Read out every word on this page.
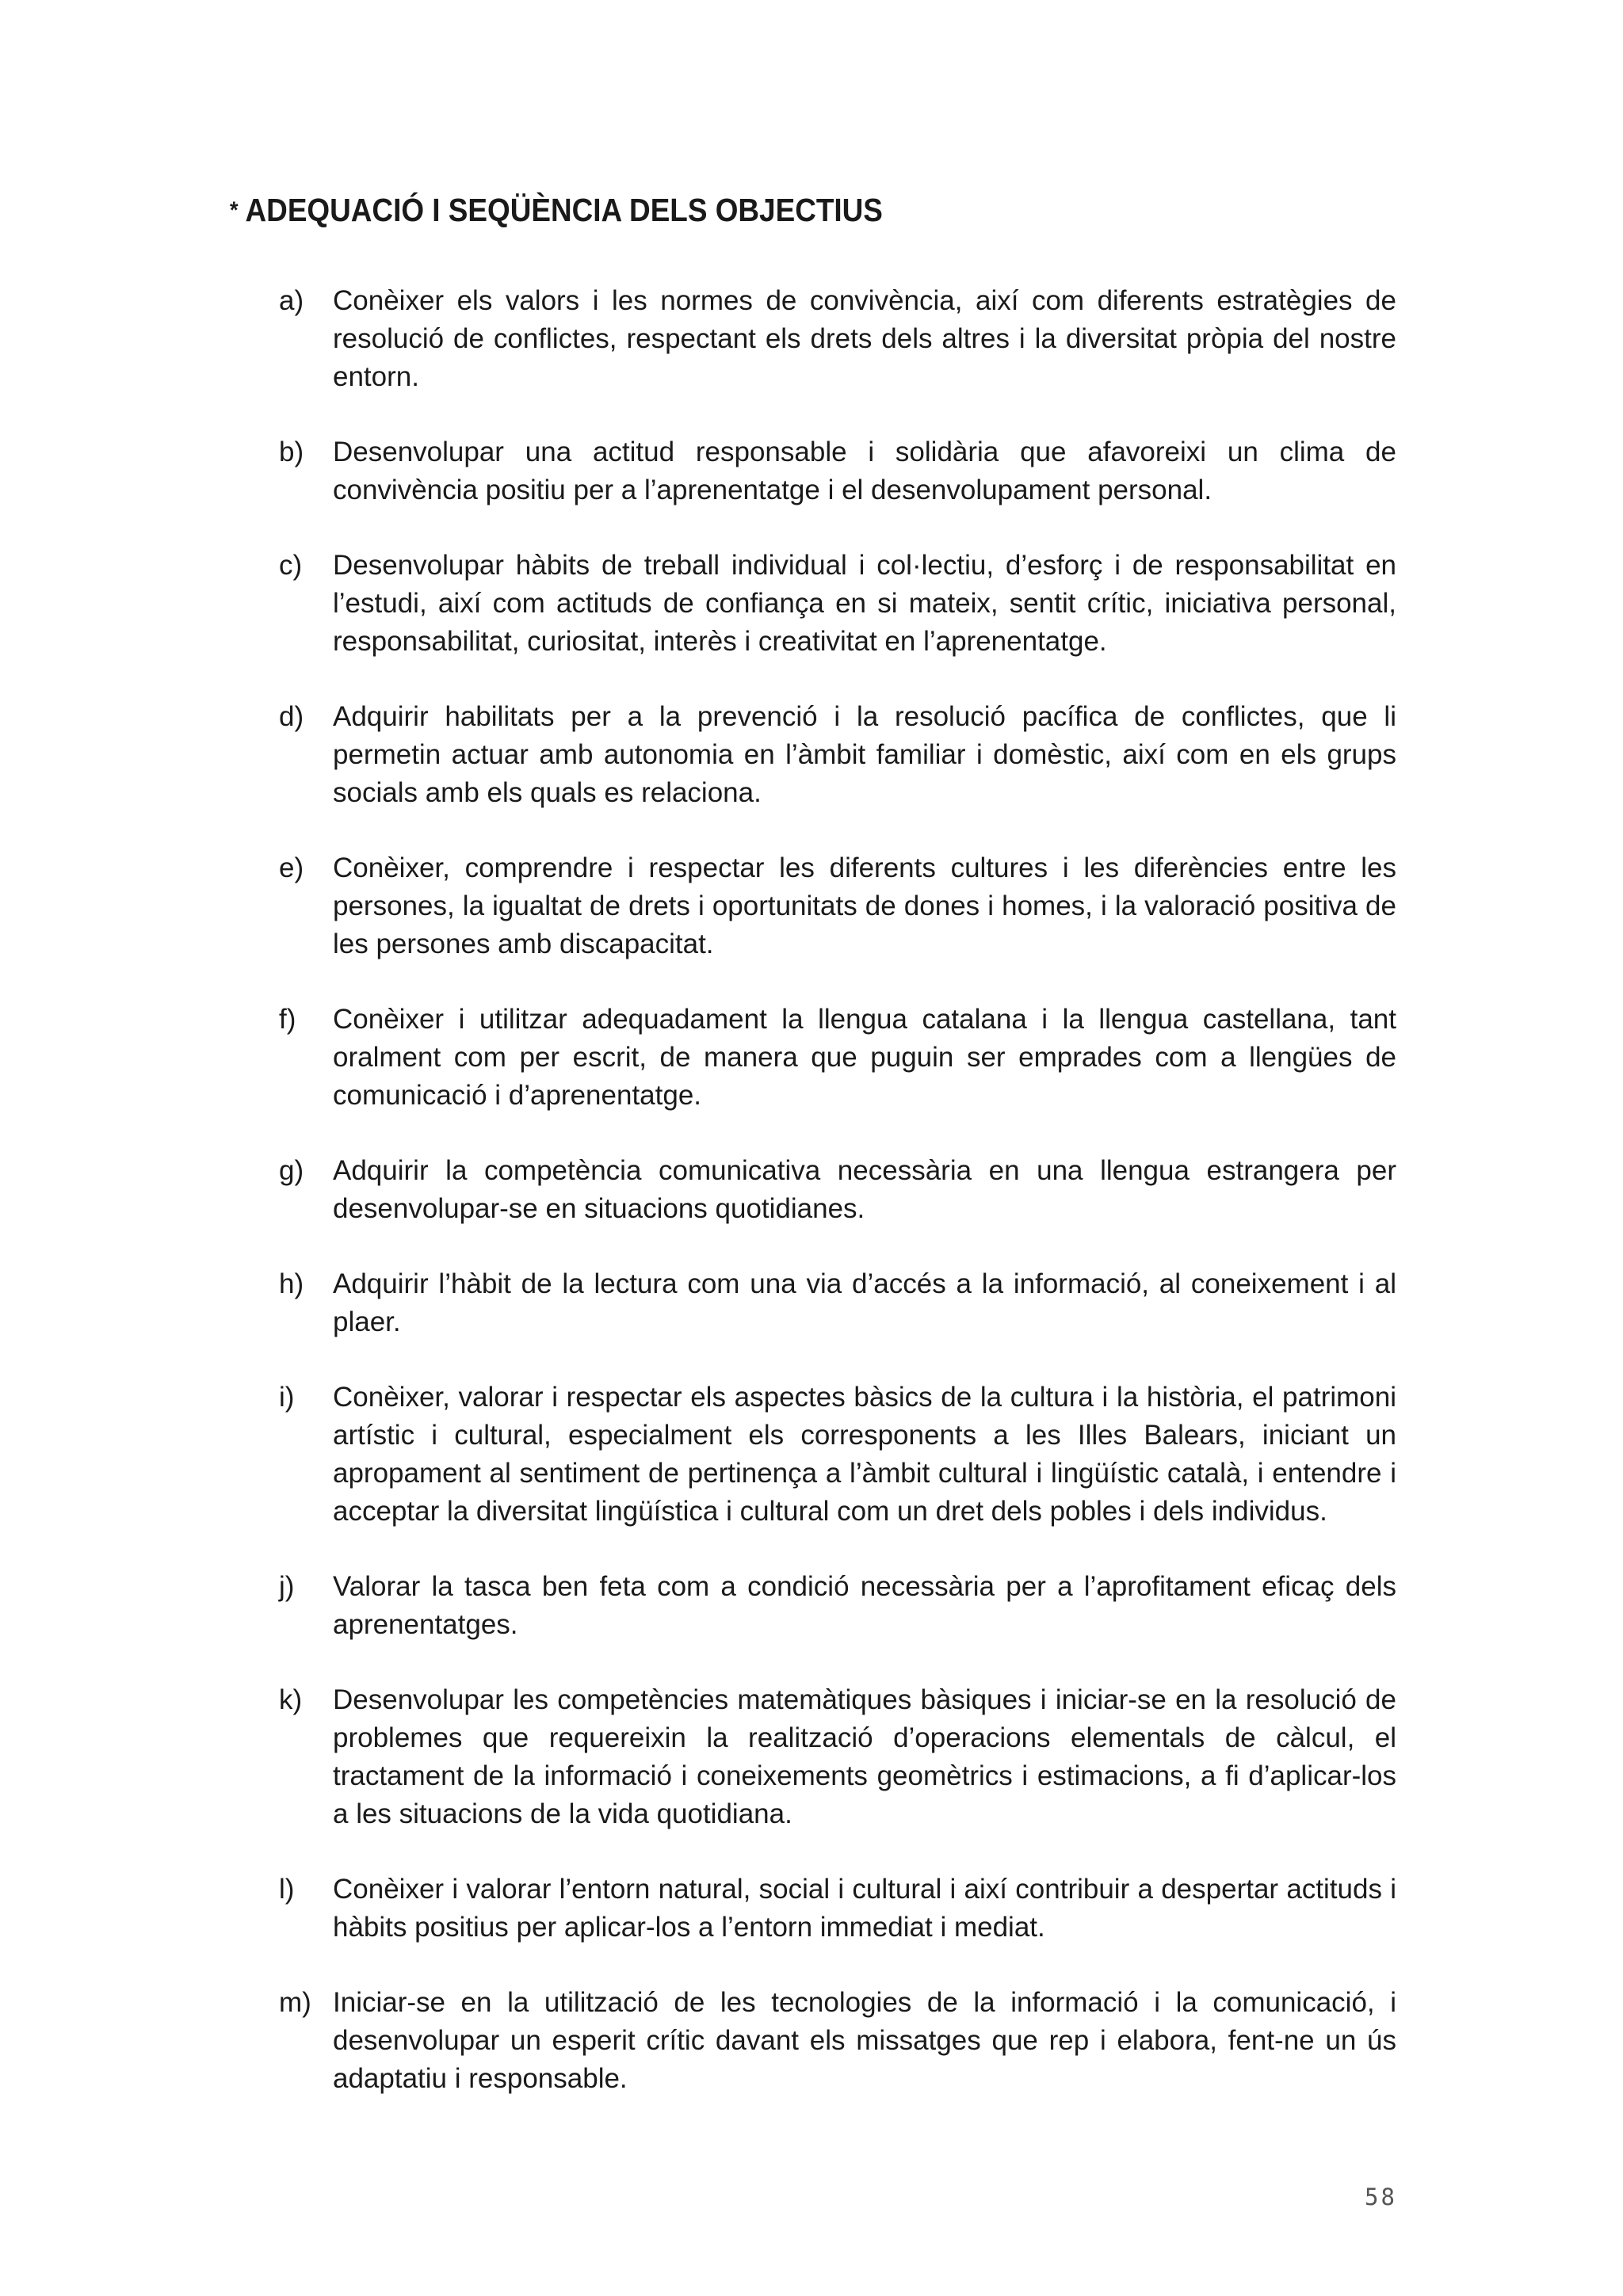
* ADEQUACIÓ I SEQÜÈNCIA DELS OBJECTIUS
a) Conèixer els valors i les normes de convivència, així com diferents estratègies de resolució de conflictes, respectant els drets dels altres i la diversitat pròpia del nostre entorn.
b) Desenvolupar una actitud responsable i solidària que afavoreixi un clima de convivència positiu per a l’aprenentatge i el desenvolupament personal.
c) Desenvolupar hàbits de treball individual i col·lectiu, d’esforç i de responsabilitat en l’estudi, així com actituds de confiança en si mateix, sentit crític, iniciativa personal, responsabilitat, curiositat, interès i creativitat en l’aprenentatge.
d) Adquirir habilitats per a la prevenció i la resolució pacífica de conflictes, que li permetin actuar amb autonomia en l’àmbit familiar i domèstic, així com en els grups socials amb els quals es relaciona.
e) Conèixer, comprendre i respectar les diferents cultures i les diferències entre les persones, la igualtat de drets i oportunitats de dones i homes, i la valoració positiva de les persones amb discapacitat.
f) Conèixer i utilitzar adequadament la llengua catalana i la llengua castellana, tant oralment com per escrit, de manera que puguin ser emprades com a llengües de comunicació i d’aprenentatge.
g) Adquirir la competència comunicativa necessària en una llengua estrangera per desenvolupar-se en situacions quotidianes.
h) Adquirir l’hàbit de la lectura com una via d’accés a la informació, al coneixement i al plaer.
i) Conèixer, valorar i respectar els aspectes bàsics de la cultura i la història, el patrimoni artístic i cultural, especialment els corresponents a les Illes Balears, iniciant un apropament al sentiment de pertinença a l’àmbit cultural i lingüístic català, i entendre i acceptar la diversitat lingüística i cultural com un dret dels pobles i dels individus.
j) Valorar la tasca ben feta com a condició necessària per a l’aprofitament eficaç dels aprenentatges.
k) Desenvolupar les competències matemàtiques bàsiques i iniciar-se en la resolució de problemes que requereixin la realització d’operacions elementals de càlcul, el tractament de la informació i coneixements geomètrics i estimacions, a fi d’aplicar-los a les situacions de la vida quotidiana.
l) Conèixer i valorar l’entorn natural, social i cultural i així contribuir a despertar actituds i hàbits positius per aplicar-los a l’entorn immediat i mediat.
m) Iniciar-se en la utilització de les tecnologies de la informació i la comunicació, i desenvolupar un esperit crític davant els missatges que rep i elabora, fent-ne un ús adaptatiu i responsable.
58
